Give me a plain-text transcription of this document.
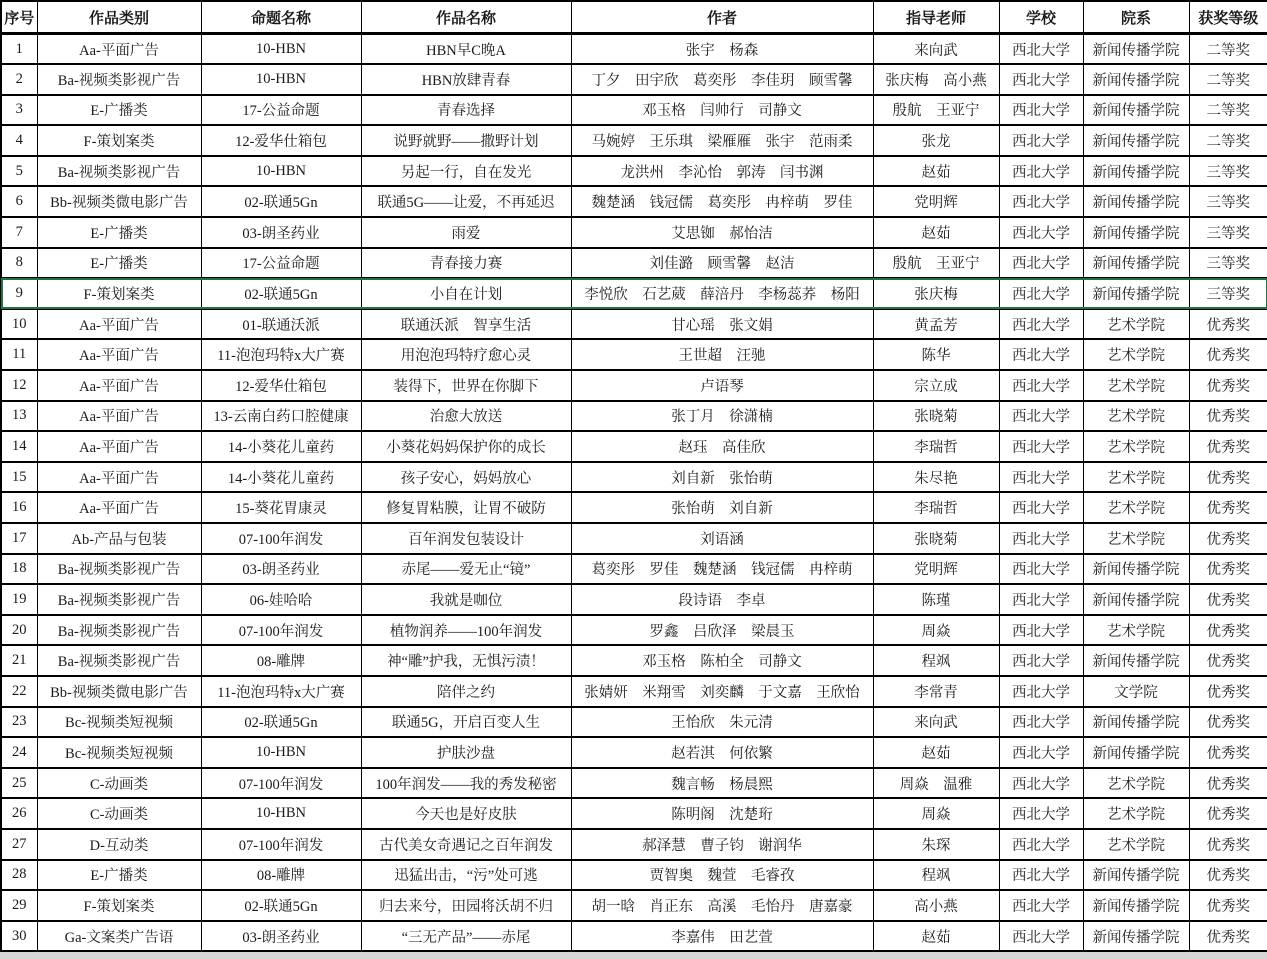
序号	作品类别	命题名称	作品名称	作者	指导老师	学校	院系	获奖等级
1	Aa-平面广告	10-HBN	HBN早C晚A	张宇　杨森	来向武	西北大学	新闻传播学院	二等奖
2	Ba-视频类影视广告	10-HBN	HBN放肆青春	丁夕　田宇欣　葛奕彤　李佳玥　顾雪馨	张庆梅　高小燕	西北大学	新闻传播学院	二等奖
3	E-广播类	17-公益命题	青春选择	邓玉格　闫帅行　司静文	殷航　王亚宁	西北大学	新闻传播学院	二等奖
4	F-策划案类	12-爱华仕箱包	说野就野——撒野计划	马婉婷　王乐琪　梁雁雁　张宇　范雨柔	张龙	西北大学	新闻传播学院	二等奖
5	Ba-视频类影视广告	10-HBN	另起一行，自在发光	龙洪州　李沁怡　郭涛　闫书渊	赵茹	西北大学	新闻传播学院	三等奖
6	Bb-视频类微电影广告	02-联通5Gn	联通5G——让爱，不再延迟	魏楚涵　钱冠儒　葛奕彤　冉梓萌　罗佳	党明辉	西北大学	新闻传播学院	三等奖
7	E-广播类	03-朗圣药业	雨爱	艾思铷　郝怡洁	赵茹	西北大学	新闻传播学院	三等奖
8	E-广播类	17-公益命题	青春接力赛	刘佳潞　顾雪馨　赵洁	殷航　王亚宁	西北大学	新闻传播学院	三等奖
9	F-策划案类	02-联通5Gn	小自在计划	李悦欣　石艺葳　薛涪丹　李杨蕊荞　杨阳	张庆梅	西北大学	新闻传播学院	三等奖
10	Aa-平面广告	01-联通沃派	联通沃派　智享生活	甘心瑶　张文娟	黄孟芳	西北大学	艺术学院	优秀奖
11	Aa-平面广告	11-泡泡玛特x大广赛	用泡泡玛特疗愈心灵	王世超　汪驰	陈华	西北大学	艺术学院	优秀奖
12	Aa-平面广告	12-爱华仕箱包	装得下，世界在你脚下	卢语琴	宗立成	西北大学	艺术学院	优秀奖
13	Aa-平面广告	13-云南白药口腔健康	治愈大放送	张丁月　徐潇楠	张晓菊	西北大学	艺术学院	优秀奖
14	Aa-平面广告	14-小葵花儿童药	小葵花妈妈保护你的成长	赵珏　高佳欣	李瑞哲	西北大学	艺术学院	优秀奖
15	Aa-平面广告	14-小葵花儿童药	孩子安心，妈妈放心	刘自新　张怡萌	朱尽艳	西北大学	艺术学院	优秀奖
16	Aa-平面广告	15-葵花胃康灵	修复胃粘膜，让胃不破防	张怡萌　刘自新	李瑞哲	西北大学	艺术学院	优秀奖
17	Ab-产品与包装	07-100年润发	百年润发包装设计	刘语涵	张晓菊	西北大学	艺术学院	优秀奖
18	Ba-视频类影视广告	03-朗圣药业	赤尾——爱无止“镜”	葛奕彤　罗佳　魏楚涵　钱冠儒　冉梓萌	党明辉	西北大学	新闻传播学院	优秀奖
19	Ba-视频类影视广告	06-娃哈哈	我就是咖位	段诗语　李卓	陈瑾	西北大学	新闻传播学院	优秀奖
20	Ba-视频类影视广告	07-100年润发	植物润养——100年润发	罗鑫　吕欣泽　梁晨玉	周焱	西北大学	艺术学院	优秀奖
21	Ba-视频类影视广告	08-雕牌	神“雕”护我，无惧污渍！	邓玉格　陈柏全　司静文	程飒	西北大学	新闻传播学院	优秀奖
22	Bb-视频类微电影广告	11-泡泡玛特x大广赛	陪伴之约	张婧妍　米翔雪　刘奕麟　于文嘉　王欣怡	李常青	西北大学	文学院	优秀奖
23	Bc-视频类短视频	02-联通5Gn	联通5G，开启百变人生	王怡欣　朱元清	来向武	西北大学	新闻传播学院	优秀奖
24	Bc-视频类短视频	10-HBN	护肤沙盘	赵若淇　何依繁	赵茹	西北大学	新闻传播学院	优秀奖
25	C-动画类	07-100年润发	100年润发——我的秀发秘密	魏言畅　杨晨熙	周焱　温雅	西北大学	艺术学院	优秀奖
26	C-动画类	10-HBN	今天也是好皮肤	陈明阁　沈楚珩	周焱	西北大学	艺术学院	优秀奖
27	D-互动类	07-100年润发	古代美女奇遇记之百年润发	郝泽慧　曹子钧　谢润华	朱琛	西北大学	艺术学院	优秀奖
28	E-广播类	08-雕牌	迅猛出击，“污”处可逃	贾智奥　魏萱　毛睿孜	程飒	西北大学	新闻传播学院	优秀奖
29	F-策划案类	02-联通5Gn	归去来兮，田园将沃胡不归	胡一晗　肖正东　高溪　毛怡丹　唐嘉豪	高小燕	西北大学	新闻传播学院	优秀奖
30	Ga-文案类广告语	03-朗圣药业	“三无产品”——赤尾	李嘉伟　田艺萱	赵茹	西北大学	新闻传播学院	优秀奖
